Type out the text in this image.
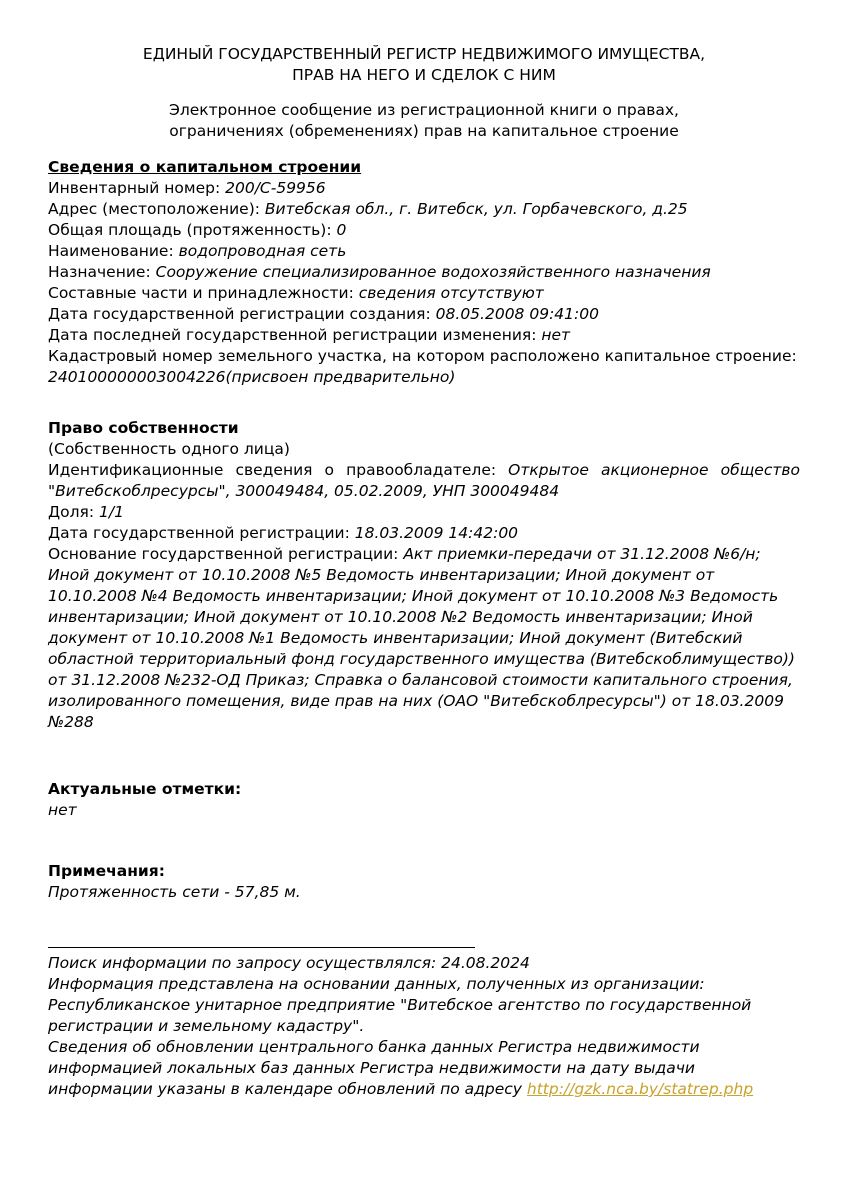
ЕДИНЫЙ ГОСУДАРСТВЕННЫЙ РЕГИСТР НЕДВИЖИМОГО ИМУЩЕСТВА,
ПРАВ НА НЕГО И СДЕЛОК С НИМ
Электронное сообщение из регистрационной книги о правах,
ограничениях (обременениях) прав на капитальное строение
Сведения о капитальном строении
Инвентарный номер: 200/С-59956
Адрес (местоположение): Витебская обл., г. Витебск, ул. Горбачевского, д.25
Общая площадь (протяженность): 0
Наименование: водопроводная сеть
Назначение: Сооружение специализированное водохозяйственного назначения
Составные части и принадлежности: сведения отсутствуют
Дата государственной регистрации создания: 08.05.2008 09:41:00
Дата последней государственной регистрации изменения: нет
Кадастровый номер земельного участка, на котором расположено капитальное строение: 240100000003004226(присвоен предварительно)
Право собственности
(Собственность одного лица)
Идентификационные сведения о правообладателе: Открытое акционерное общество "Витебскоблресурсы", 300049484, 05.02.2009, УНП 300049484
Доля: 1/1
Дата государственной регистрации: 18.03.2009 14:42:00
Основание государственной регистрации: Акт приемки-передачи от 31.12.2008 №6/н; Иной документ от 10.10.2008 №5 Ведомость инвентаризации; Иной документ от 10.10.2008 №4 Ведомость инвентаризации; Иной документ от 10.10.2008 №3 Ведомость инвентаризации; Иной документ от 10.10.2008 №2 Ведомость инвентаризации; Иной документ от 10.10.2008 №1 Ведомость инвентаризации; Иной документ (Витебский областной территориальный фонд государственного имущества (Витебскоблимущество)) от 31.12.2008 №232-ОД Приказ; Справка о балансовой стоимости капитального строения, изолированного помещения, виде прав на них (ОАО "Витебскоблресурсы") от 18.03.2009 №288
Актуальные отметки:
нет
Примечания:
Протяженность сети - 57,85 м.
Поиск информации по запросу осуществлялся: 24.08.2024
Информация представлена на основании данных, полученных из организации:
Республиканское унитарное предприятие "Витебское агентство по государственной регистрации и земельному кадастру".
Сведения об обновлении центрального банка данных Регистра недвижимости информацией локальных баз данных Регистра недвижимости на дату выдачи информации указаны в календаре обновлений по адресу http://gzk.nca.by/statrep.php
